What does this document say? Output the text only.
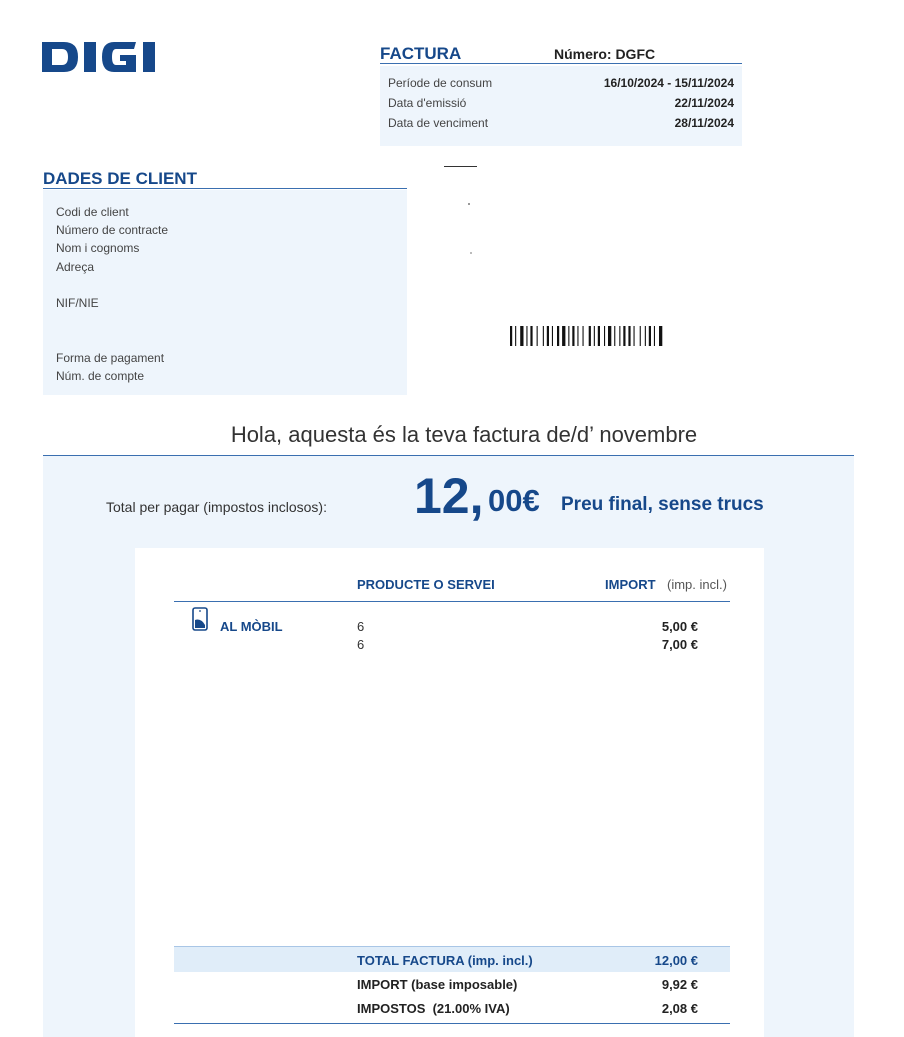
FACTURA	Número: DGFC
Període de consum	16/10/2024 - 15/11/2024
Data d'emissió	22/11/2024
Data de venciment	28/11/2024
DADES DE CLIENT
Codi de client
Número de contracte
Nom i cognoms
Adreça
NIF/NIE
Forma de pagament
Núm. de compte
Hola, aquesta és la teva factura de/d’ novembre
Total per pagar (impostos inclosos): 12, 00€ Preu final, sense trucs
PRODUCTE O SERVEI	IMPORT (imp. incl.)
AL MÒBIL	6	5,00 €
6	7,00 €
TOTAL FACTURA (imp. incl.)	12,00 €
IMPORT (base imposable)	9,92 €
IMPOSTOS  (21.00% IVA)	2,08 €
